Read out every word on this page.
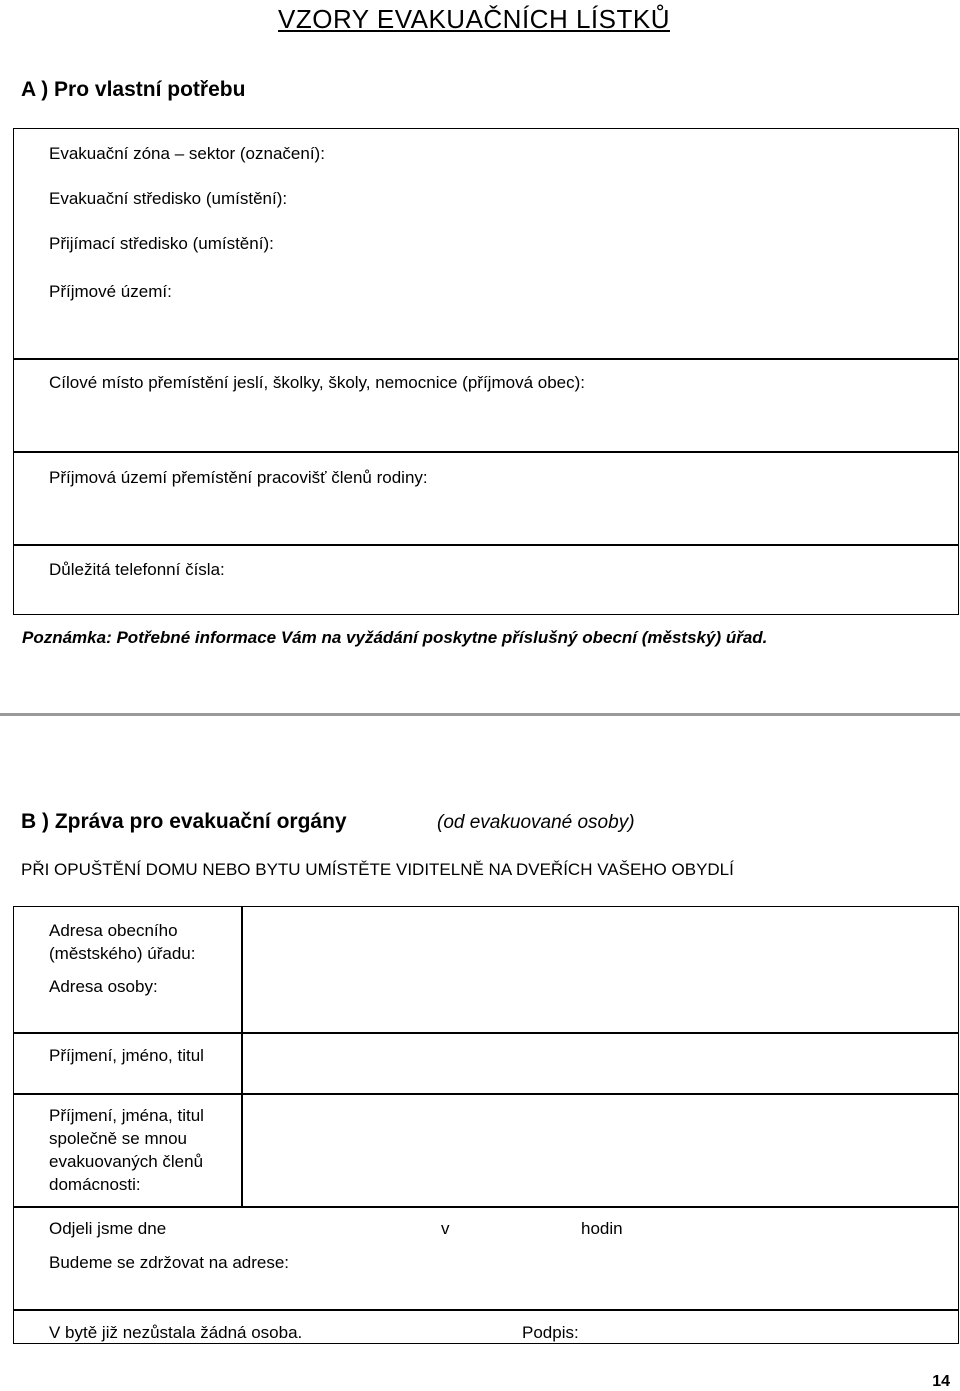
VZORY EVAKUAČNÍCH LÍSTKŮ
A ) Pro vlastní potřebu
Evakuační zóna – sektor (označení):
Evakuační středisko (umístění):
Přijímací středisko (umístění):
Příjmové území:
Cílové místo přemístění jeslí, školky, školy, nemocnice (příjmová obec):
Příjmová území přemístění pracovišť členů rodiny:
Důležitá telefonní čísla:
Poznámka: Potřebné informace Vám na vyžádání poskytne příslušný obecní (městský) úřad.
B ) Zpráva pro evakuační orgány	(od evakuované osoby)
PŘI OPUŠTĚNÍ DOMU NEBO BYTU UMÍSTĚTE VIDITELNĚ NA DVEŘÍCH VAŠEHO OBYDLÍ
Adresa obecního
(městského) úřadu:
Adresa osoby:
Příjmení, jméno, titul
Příjmení, jména, titul
společně se mnou
evakuovaných členů
domácnosti:
Odjeli jsme dne	v	hodin
Budeme se zdržovat na adrese:
V bytě již nezůstala žádná osoba.	Podpis:
14
